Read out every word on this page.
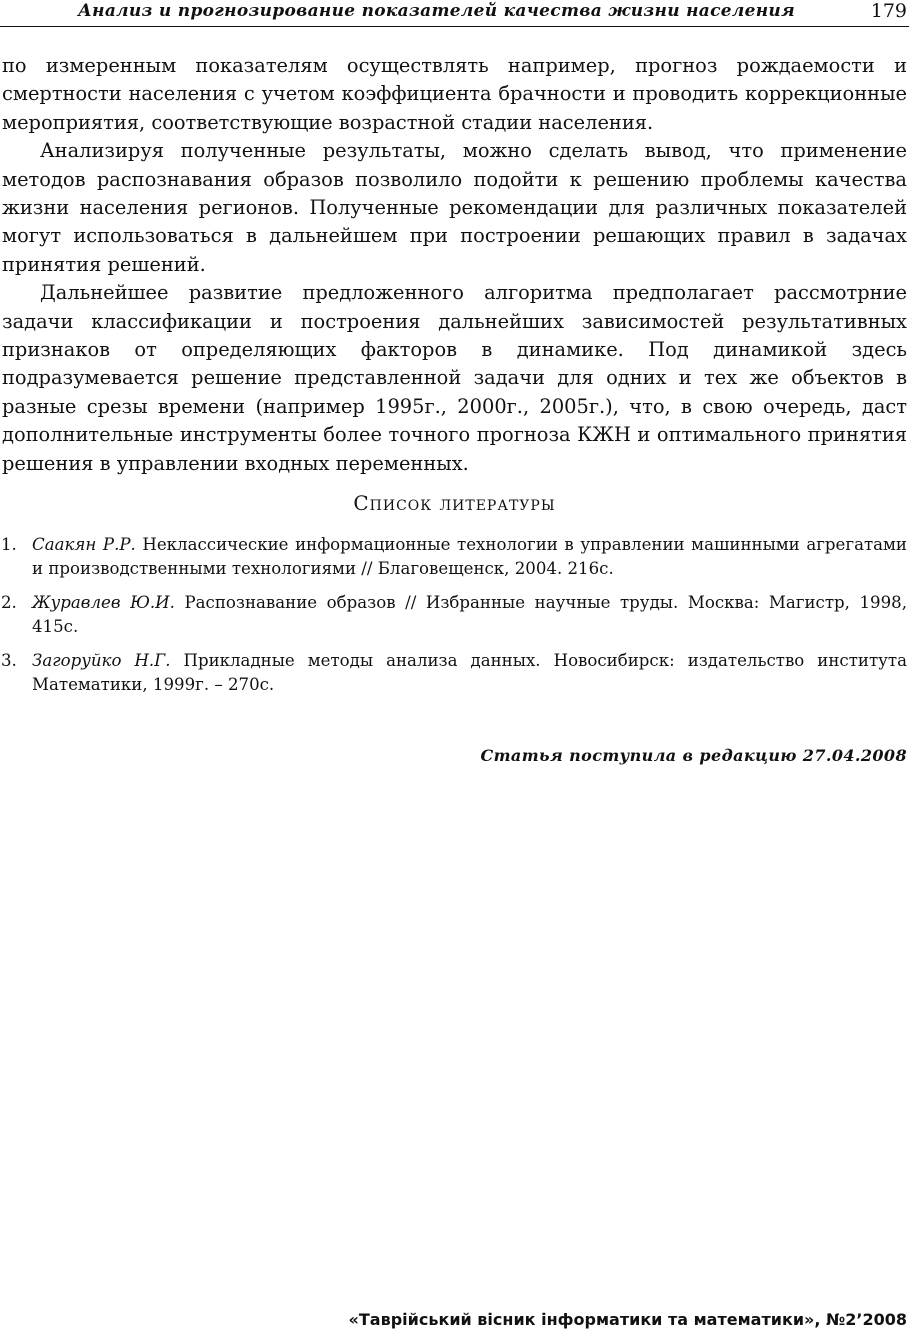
Анализ и прогнозирование показателей качества жизни населения	179

по измеренным показателям осуществлять например, прогноз рождаемости и смертности населения с учетом коэффициента брачности и проводить коррекционные мероприятия, соответствующие возрастной стадии населения.

Анализируя полученные результаты, можно сделать вывод, что применение методов распознавания образов позволило подойти к решению проблемы качества жизни населения регионов. Полученные рекомендации для различных показателей могут использоваться в дальнейшем при построении решающих правил в задачах принятия решений.

Дальнейшее развитие предложенного алгоритма предполагает рассмотрние задачи классификации и построения дальнейших зависимостей результативных признаков от определяющих факторов в динамике. Под динамикой здесь подразумевается решение представленной задачи для одних и тех же объектов в разные срезы времени (например 1995г., 2000г., 2005г.), что, в свою очередь, даст дополнительные инструменты более точного прогноза КЖН и оптимального принятия решения в управлении входных переменных.

Список литературы
1. Саакян Р.Р. Неклассические информационные технологии в управлении машинными агрегатами и производственными технологиями // Благовещенск, 2004. 216с.
2. Журавлев Ю.И. Распознавание образов // Избранные научные труды. Москва: Магистр, 1998, 415с.
3. Загоруйко Н.Г. Прикладные методы анализа данных. Новосибирск: издательство института Математики, 1999г. – 270с.
Статья поступила в редакцию 27.04.2008
«Таврійський вісник інформатики та математики», №2’2008
